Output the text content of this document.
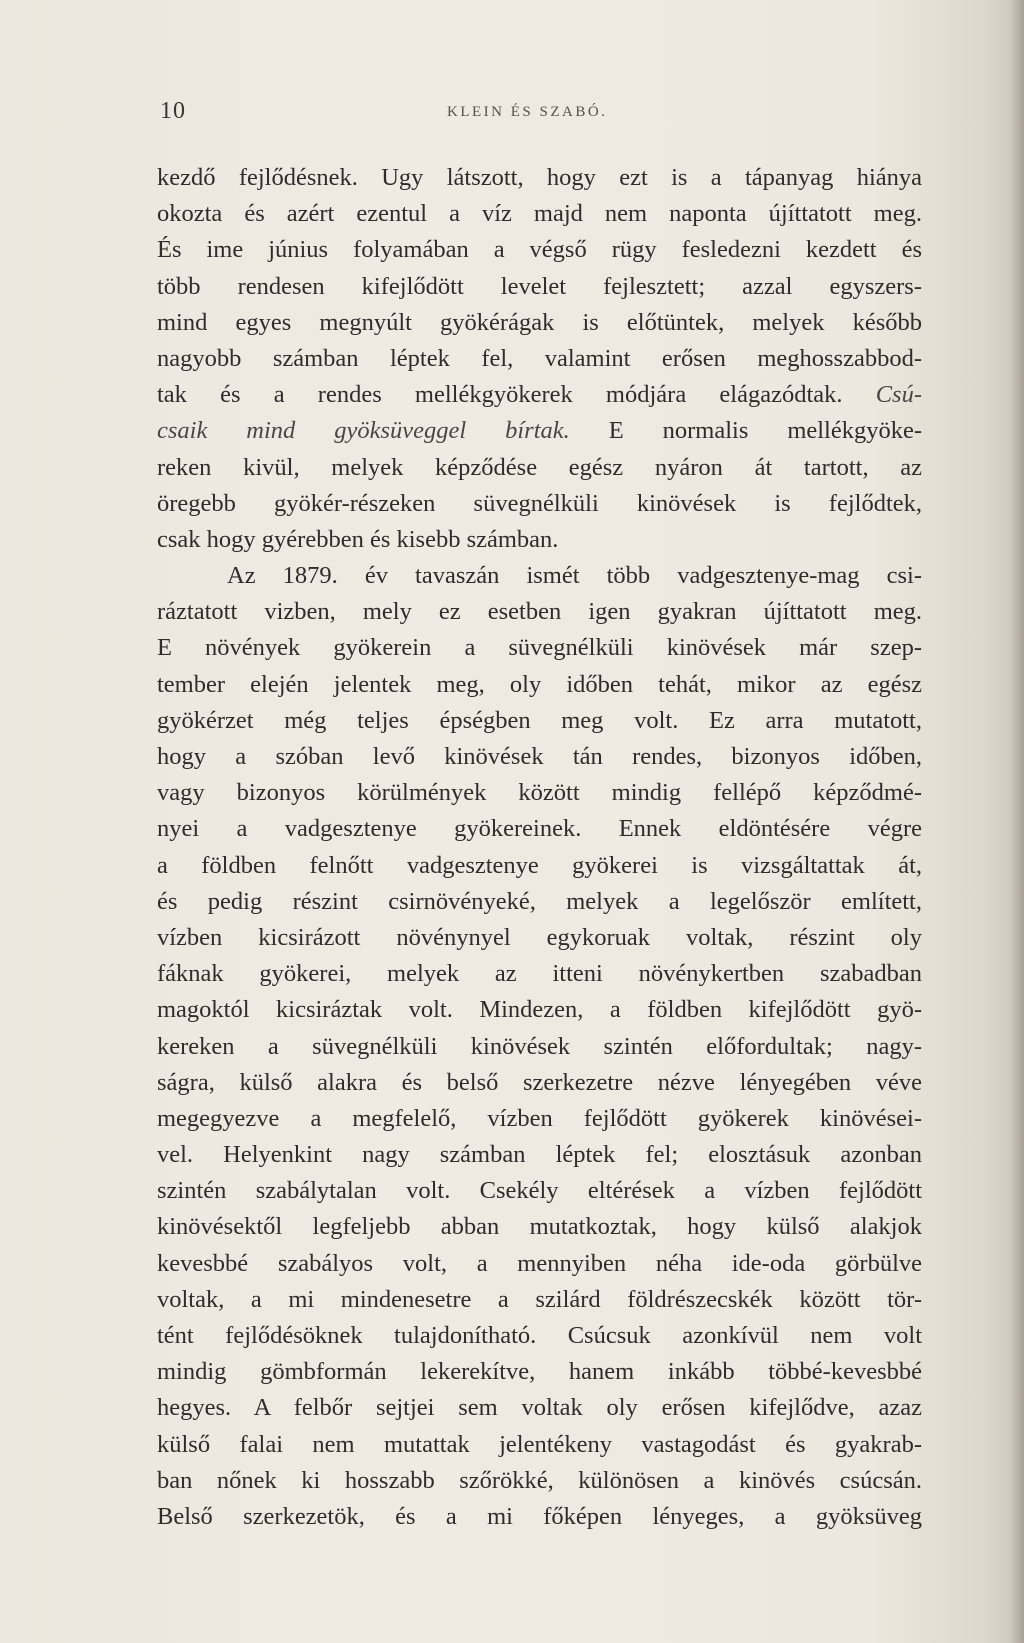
10	KLEIN ÉS SZABÓ.
kezdő fejlődésnek. Ugy látszott, hogy ezt is a tápanyag hiánya
okozta és azért ezentul a víz majd nem naponta újíttatott meg.
És ime június folyamában a végső rügy fesledezni kezdett és
több rendesen kifejlődött levelet fejlesztett; azzal egyszers-
mind egyes megnyúlt gyökérágak is előtüntek, melyek később
nagyobb számban léptek fel, valamint erősen meghosszabbod-
tak és a rendes mellékgyökerek módjára elágazódtak. Csú-
csaik mind gyöksüveggel bírtak. E normalis mellékgyöke-
reken kivül, melyek képződése egész nyáron át tartott, az
öregebb gyökér-részeken süvegnélküli kinövések is fejlődtek,
csak hogy gyérebben és kisebb számban.
Az 1879. év tavaszán ismét több vadgesztenye-mag csi-
ráztatott vizben, mely ez esetben igen gyakran újíttatott meg.
E növények gyökerein a süvegnélküli kinövések már szep-
tember elején jelentek meg, oly időben tehát, mikor az egész
gyökérzet még teljes épségben meg volt. Ez arra mutatott,
hogy a szóban levő kinövések tán rendes, bizonyos időben,
vagy bizonyos körülmények között mindig fellépő képződmé-
nyei a vadgesztenye gyökereinek. Ennek eldöntésére végre
a földben felnőtt vadgesztenye gyökerei is vizsgáltattak át,
és pedig részint csirnövényeké, melyek a legelőször említett,
vízben kicsirázott növénynyel egykoruak voltak, részint oly
fáknak gyökerei, melyek az itteni növénykertben szabadban
magoktól kicsiráztak volt. Mindezen, a földben kifejlődött gyö-
kereken a süvegnélküli kinövések szintén előfordultak; nagy-
ságra, külső alakra és belső szerkezetre nézve lényegében véve
megegyezve a megfelelő, vízben fejlődött gyökerek kinövései-
vel. Helyenkint nagy számban léptek fel; elosztásuk azonban
szintén szabálytalan volt. Csekély eltérések a vízben fejlődött
kinövésektől legfeljebb abban mutatkoztak, hogy külső alakjok
kevesbbé szabályos volt, a mennyiben néha ide-oda görbülve
voltak, a mi mindenesetre a szilárd földrészecskék között tör-
tént fejlődésöknek tulajdonítható. Csúcsuk azonkívül nem volt
mindig gömbformán lekerekítve, hanem inkább többé-kevesbbé
hegyes. A felbőr sejtjei sem voltak oly erősen kifejlődve, azaz
külső falai nem mutattak jelentékeny vastagodást és gyakrab-
ban nőnek ki hosszabb szőrökké, különösen a kinövés csúcsán.
Belső szerkezetök, és a mi főképen lényeges, a gyöksüveg
